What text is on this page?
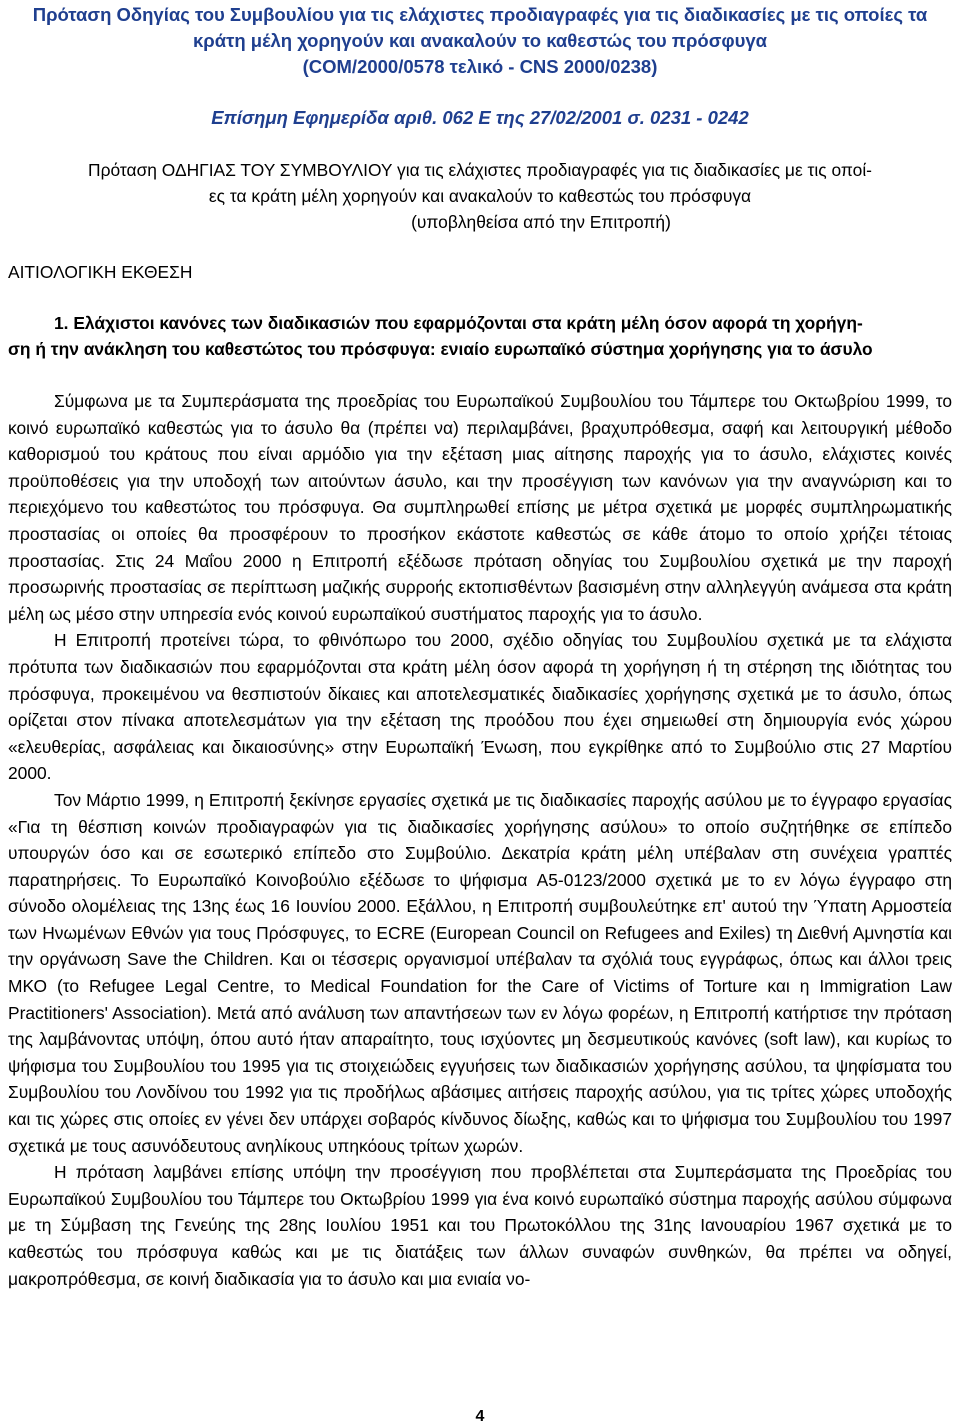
Πρόταση Οδηγίας του Συμβουλίου για τις ελάχιστες προδιαγραφές για τις διαδικασίες με τις οποίες τα
κράτη μέλη χορηγούν και ανακαλούν το καθεστώς του πρόσφυγα
(COM/2000/0578 τελικό - CNS 2000/0238)
Επίσημη Εφημερίδα αριθ. 062 E της 27/02/2001 σ. 0231 - 0242
Πρόταση ΟΔΗΓΙΑΣ ΤΟΥ ΣΥΜΒΟΥΛΙΟΥ για τις ελάχιστες προδιαγραφές για τις διαδικασίες με τις οποί-
ες τα κράτη μέλη χορηγούν και ανακαλούν το καθεστώς του πρόσφυγα
(υποβληθείσα από την Επιτροπή)
ΑΙΤΙΟΛΟΓΙΚΗ ΕΚΘΕΣΗ
1. Ελάχιστοι κανόνες των διαδικασιών που εφαρμόζονται στα κράτη μέλη όσον αφορά τη χορήγη-
ση ή την ανάκληση του καθεστώτος του πρόσφυγα: ενιαίο ευρωπαϊκό σύστημα χορήγησης για το άσυλο

Σύμφωνα με τα Συμπεράσματα της προεδρίας του Ευρωπαϊκού Συμβουλίου του Τάμπερε του Οκτωβρίου 1999, το κοινό ευρωπαϊκό καθεστώς για το άσυλο θα (πρέπει να) περιλαμβάνει, βραχυπρόθεσμα, σαφή και λειτουργική μέθοδο καθορισμού του κράτους που είναι αρμόδιο για την εξέταση μιας αίτησης παροχής για το άσυλο, ελάχιστες κοινές προϋποθέσεις για την υποδοχή των αιτούντων άσυλο, και την προσέγγιση των κανόνων για την αναγνώριση και το περιεχόμενο του καθεστώτος του πρόσφυγα. Θα συμπληρωθεί επίσης με μέτρα σχετικά με μορφές συμπληρωματικής προστασίας οι οποίες θα προσφέρουν το προσήκον εκάστοτε καθεστώς σε κάθε άτομο το οποίο χρήζει τέτοιας προστασίας. Στις 24 Μαΐου 2000 η Επιτροπή εξέδωσε πρόταση οδηγίας του Συμβουλίου σχετικά με την παροχή προσωρινής προστασίας σε περίπτωση μαζικής συρροής εκτοπισθέντων βασισμένη στην αλληλεγγύη ανάμεσα στα κράτη μέλη ως μέσο στην υπηρεσία ενός κοινού ευρωπαϊκού συστήματος παροχής για το άσυλο.

Η Επιτροπή προτείνει τώρα, το φθινόπωρο του 2000, σχέδιο οδηγίας του Συμβουλίου σχετικά με τα ελάχιστα πρότυπα των διαδικασιών που εφαρμόζονται στα κράτη μέλη όσον αφορά τη χορήγηση ή τη στέρηση της ιδιότητας του πρόσφυγα, προκειμένου να θεσπιστούν δίκαιες και αποτελεσματικές διαδικασίες χορήγησης σχετικά με το άσυλο, όπως ορίζεται στον πίνακα αποτελεσμάτων για την εξέταση της προόδου που έχει σημειωθεί στη δημιουργία ενός χώρου «ελευθερίας, ασφάλειας και δικαιοσύνης» στην Ευρωπαϊκή Ένωση, που εγκρίθηκε από το Συμβούλιο στις 27 Μαρτίου 2000.

Τον Μάρτιο 1999, η Επιτροπή ξεκίνησε εργασίες σχετικά με τις διαδικασίες παροχής ασύλου με το έγγραφο εργασίας «Για τη θέσπιση κοινών προδιαγραφών για τις διαδικασίες χορήγησης ασύλου» το οποίο συζητήθηκε σε επίπεδο υπουργών όσο και σε εσωτερικό επίπεδο στο Συμβούλιο. Δεκατρία κράτη μέλη υπέβαλαν στη συνέχεια γραπτές παρατηρήσεις. Το Ευρωπαϊκό Κοινοβούλιο εξέδωσε το ψήφισμα A5-0123/2000 σχετικά με το εν λόγω έγγραφο στη σύνοδο ολομέλειας της 13ης έως 16 Ιουνίου 2000. Εξάλλου, η Επιτροπή συμβουλεύτηκε επ' αυτού την Ύπατη Αρμοστεία των Ηνωμένων Εθνών για τους Πρόσφυγες, το ECRE (European Council on Refugees and Exiles) τη Διεθνή Αμνηστία και την οργάνωση Save the Children. Και οι τέσσερις οργανισμοί υπέβαλαν τα σχόλιά τους εγγράφως, όπως και άλλοι τρεις ΜΚΟ (το Refugee Legal Centre, το Medical Foundation for the Care of Victims of Torture και η Immigration Law Practitioners' Association). Μετά από ανάλυση των απαντήσεων των εν λόγω φορέων, η Επιτροπή κατήρτισε την πρόταση της λαμβάνοντας υπόψη, όπου αυτό ήταν απαραίτητο, τους ισχύοντες μη δεσμευτικούς κανόνες (soft law), και κυρίως το ψήφισμα του Συμβουλίου του 1995 για τις στοιχειώδεις εγγυήσεις των διαδικασιών χορήγησης ασύλου, τα ψηφίσματα του Συμβουλίου του Λονδίνου του 1992 για τις προδήλως αβάσιμες αιτήσεις παροχής ασύλου, για τις τρίτες χώρες υποδοχής και τις χώρες στις οποίες εν γένει δεν υπάρχει σοβαρός κίνδυνος δίωξης, καθώς και το ψήφισμα του Συμβουλίου του 1997 σχετικά με τους ασυνόδευτους ανηλίκους υπηκόους τρίτων χωρών.

Η πρόταση λαμβάνει επίσης υπόψη την προσέγγιση που προβλέπεται στα Συμπεράσματα της Προεδρίας του Ευρωπαϊκού Συμβουλίου του Τάμπερε του Οκτωβρίου 1999 για ένα κοινό ευρωπαϊκό σύστημα παροχής ασύλου σύμφωνα με τη Σύμβαση της Γενεύης της 28ης Ιουλίου 1951 και του Πρωτοκόλλου της 31ης Ιανουαρίου 1967 σχετικά με το καθεστώς του πρόσφυγα καθώς και με τις διατάξεις των άλλων συναφών συνθηκών, θα πρέπει να οδηγεί, μακροπρόθεσμα, σε κοινή διαδικασία για το άσυλο και μια ενιαία νο-

4
